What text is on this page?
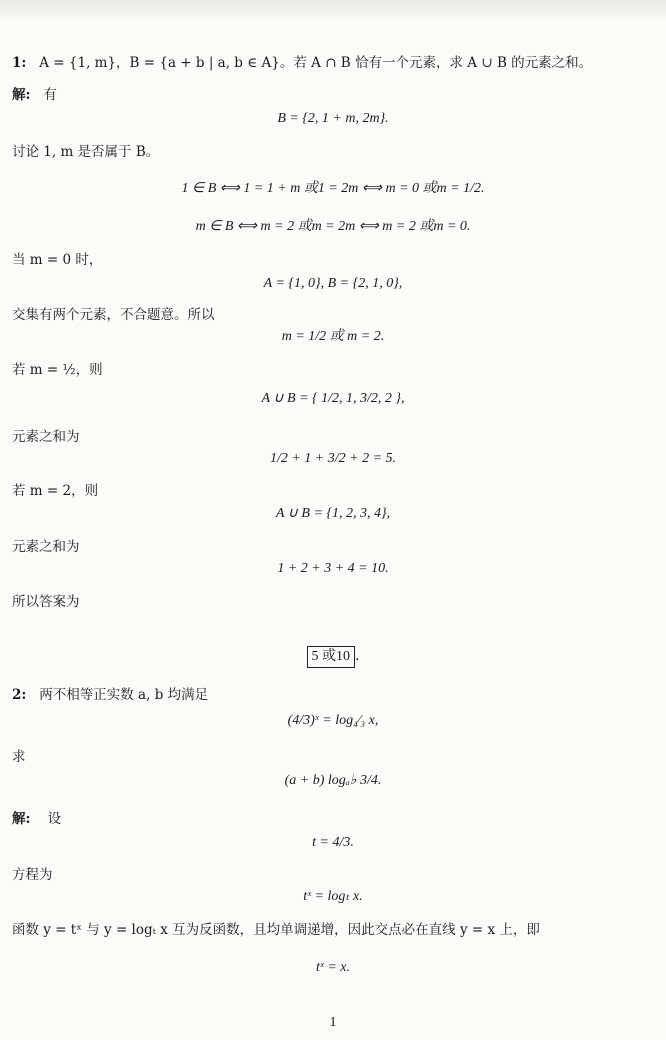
1: A = {1, m}，B = {a + b | a, b ∈ A}。若 A ∩ B 恰有一个元素，求 A ∪ B 的元素之和。
解: 有
B = {2, 1 + m, 2m}.
讨论 1, m 是否属于 B。
1 ∈ B ⟺ 1 = 1 + m 或1 = 2m ⟺ m = 0 或m = 1/2.
m ∈ B ⟺ m = 2 或m = 2m ⟺ m = 2 或m = 0.
当 m = 0 时，
A = {1, 0}, B = {2, 1, 0},
交集有两个元素，不合题意。所以
m = 1/2 或 m = 2.
若 m = ½，则
A ∪ B = { 1/2, 1, 3/2, 2 },
元素之和为
1/2 + 1 + 3/2 + 2 = 5.
若 m = 2，则
A ∪ B = {1, 2, 3, 4},
元素之和为
1 + 2 + 3 + 4 = 10.
所以答案为
5 或10 .
2: 两不相等正实数 a, b 均满足
(4/3)ˣ = log₄⁄₃ x,
求
(a + b) logₐ♭ 3/4.
解: 设
t = 4/3.
方程为
tˣ = logₜ x.
函数 y = tˣ 与 y = logₜ x 互为反函数，且均单调递增，因此交点必在直线 y = x 上，即
tˣ = x.
1
